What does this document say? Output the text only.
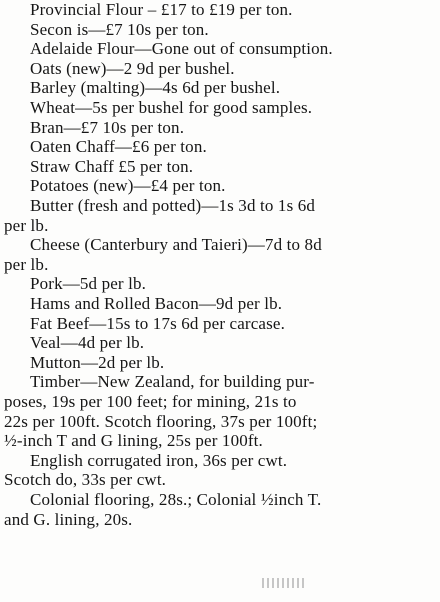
Provincial Flour – £17 to £19 per ton.
Secon is—£7 10s per ton.
Adelaide Flour—Gone out of consumption.
Oats (new)—2 9d per bushel.
Barley (malting)—4s 6d per bushel.
Wheat—5s per bushel for good samples.
Bran—£7 10s per ton.
Oaten Chaff—£6 per ton.
Straw Chaff £5 per ton.
Potatoes (new)—£4 per ton.
Butter (fresh and potted)—1s 3d to 1s 6d
per lb.
Cheese (Canterbury and Taieri)—7d to 8d
per lb.
Pork—5d per lb.
Hams and Rolled Bacon—9d per lb.
Fat Beef—15s to 17s 6d per carcase.
Veal—4d per lb.
Mutton—2d per lb.
Timber—New Zealand, for building pur-
poses, 19s per 100 feet; for mining, 21s to
22s per 100ft. Scotch flooring, 37s per 100ft;
½-inch T and G lining, 25s per 100ft.
English corrugated iron, 36s per cwt.
Scotch do, 33s per cwt.
Colonial flooring, 28s.; Colonial ½inch T.
and G. lining, 20s.
